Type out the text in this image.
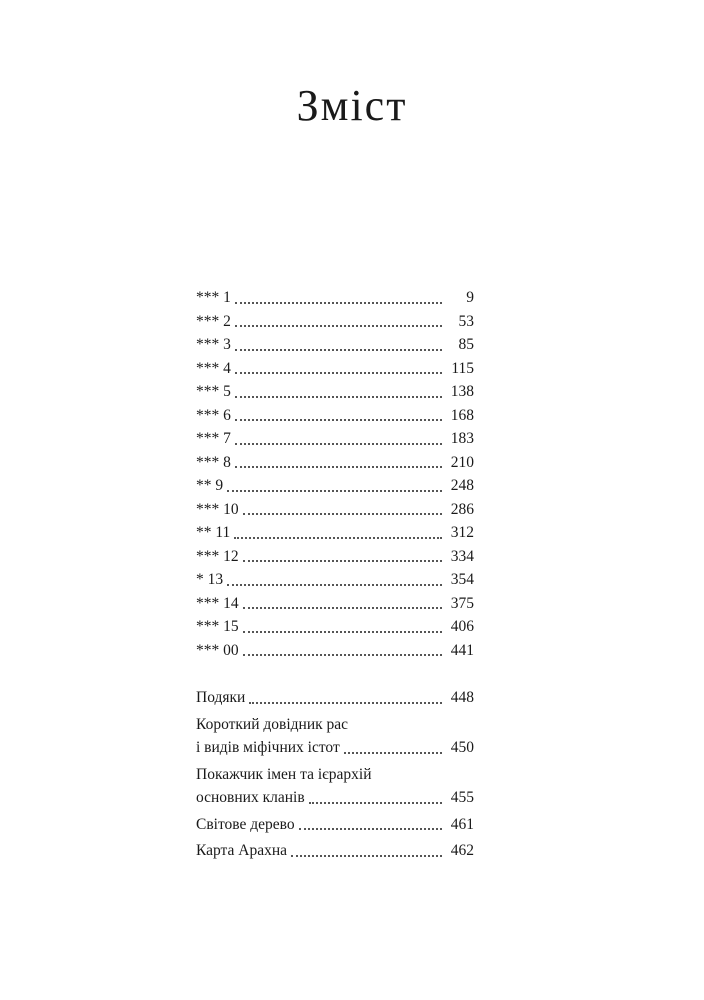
Зміст
*** 1	9
*** 2	53
*** 3	85
*** 4	115
*** 5	138
*** 6	168
*** 7	183
*** 8	210
** 9	248
*** 10	286
** 11	312
*** 12	334
* 13	354
*** 14	375
*** 15	406
*** 00	441
Подяки	448
Короткий довідник рас
і видів міфічних істот	450
Покажчик імен та ієрархій
основних кланів	455
Світове дерево	461
Карта Арахна	462
